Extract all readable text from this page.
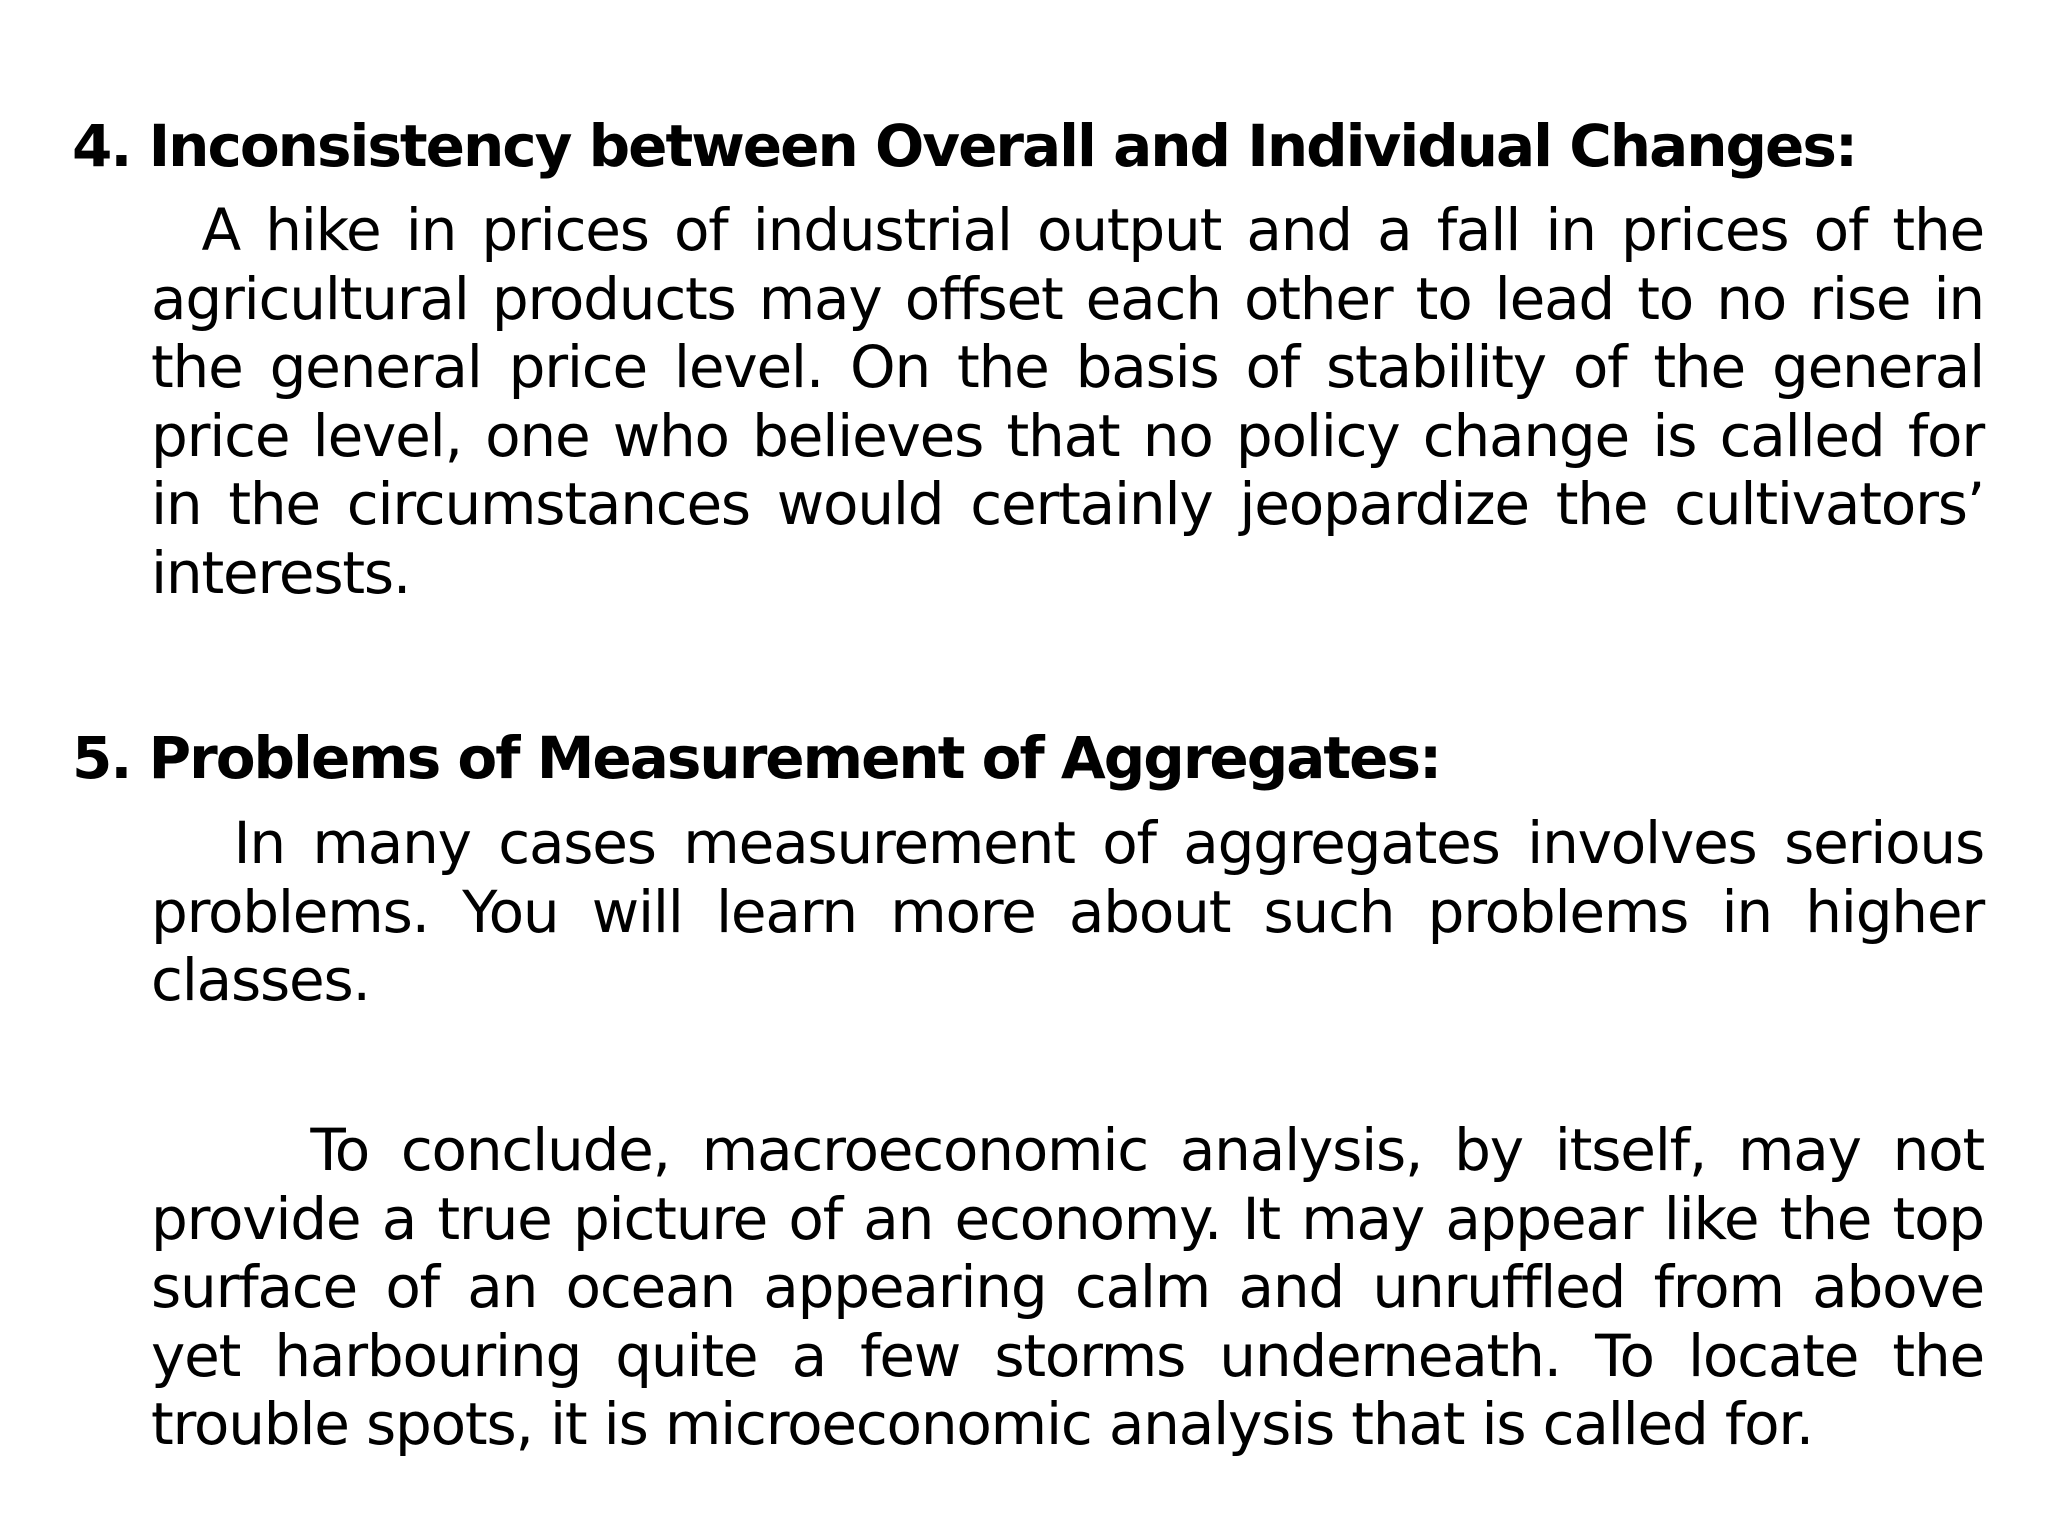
4. Inconsistency between Overall and Individual Changes:

A hike in prices of industrial output and a fall in prices of the agricultural products may offset each other to lead to no rise in the general price level. On the basis of stability of the general price level, one who believes that no policy change is called for in the circumstances would certainly jeopardize the cultivators’ interests.

5. Problems of Measurement of Aggregates:

In many cases measurement of aggregates involves serious problems. You will learn more about such problems in higher classes.

To conclude, macroeconomic analysis, by itself, may not provide a true picture of an economy. It may appear like the top surface of an ocean appearing calm and unruffled from above yet harbouring quite a few storms underneath. To locate the trouble spots, it is microeconomic analysis that is called for.
